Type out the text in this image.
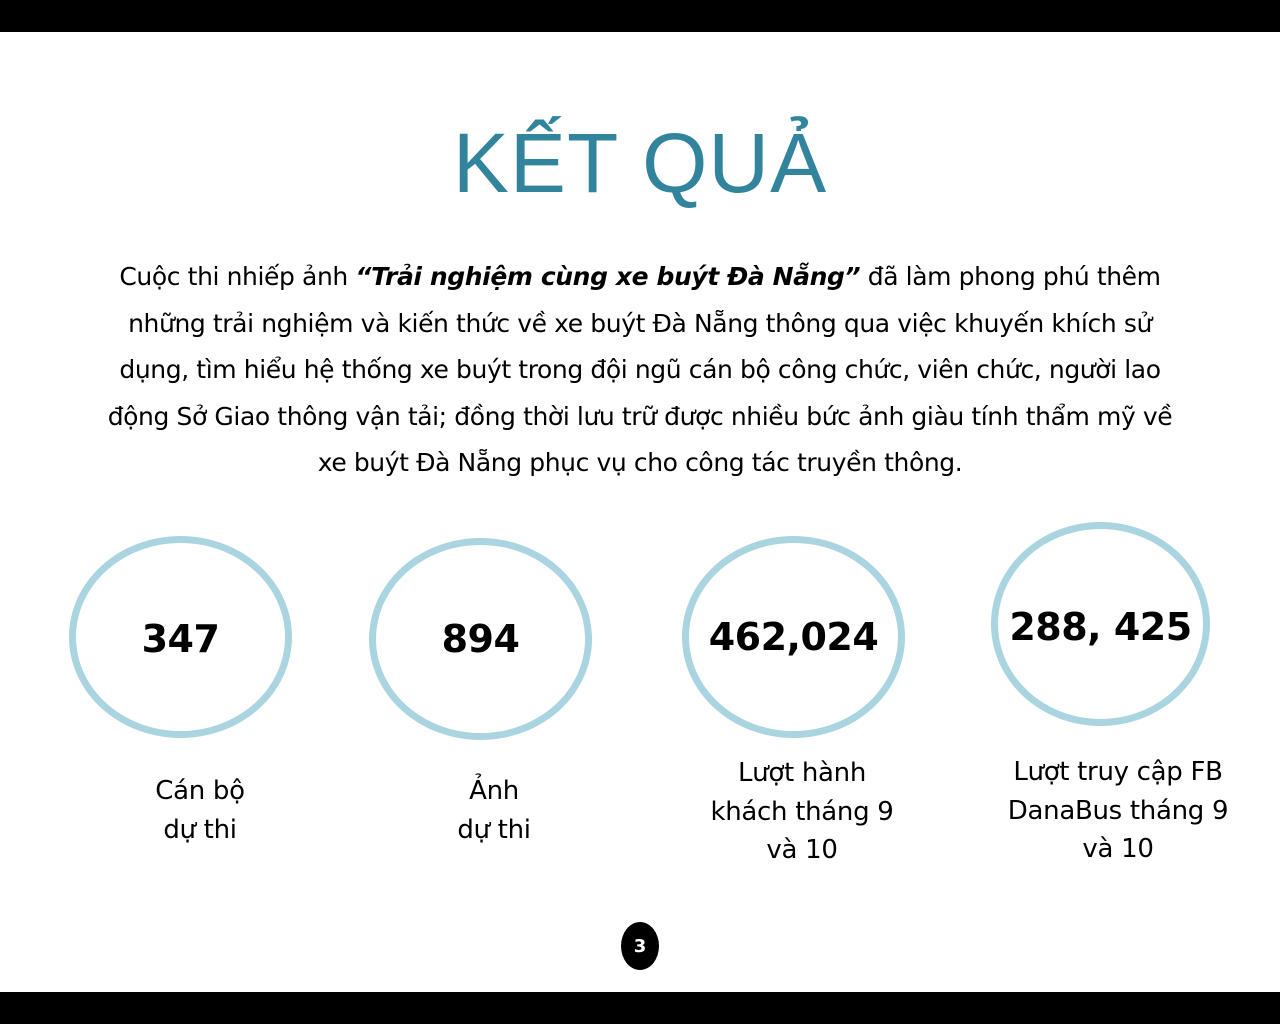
KẾT QUẢ
Cuộc thi nhiếp ảnh “Trải nghiệm cùng xe buýt Đà Nẵng” đã làm phong phú thêm những trải nghiệm và kiến thức về xe buýt Đà Nẵng thông qua việc khuyến khích sử dụng, tìm hiểu hệ thống xe buýt trong đội ngũ cán bộ công chức, viên chức, người lao động Sở Giao thông vận tải; đồng thời lưu trữ được nhiều bức ảnh giàu tính thẩm mỹ về xe buýt Đà Nẵng phục vụ cho công tác truyền thông.
347	894	462,024	288, 425
Cán bộ
dự thi
Ảnh
dự thi
Lượt hành
khách tháng 9
và 10
Lượt truy cập FB
DanaBus tháng 9
và 10
3
